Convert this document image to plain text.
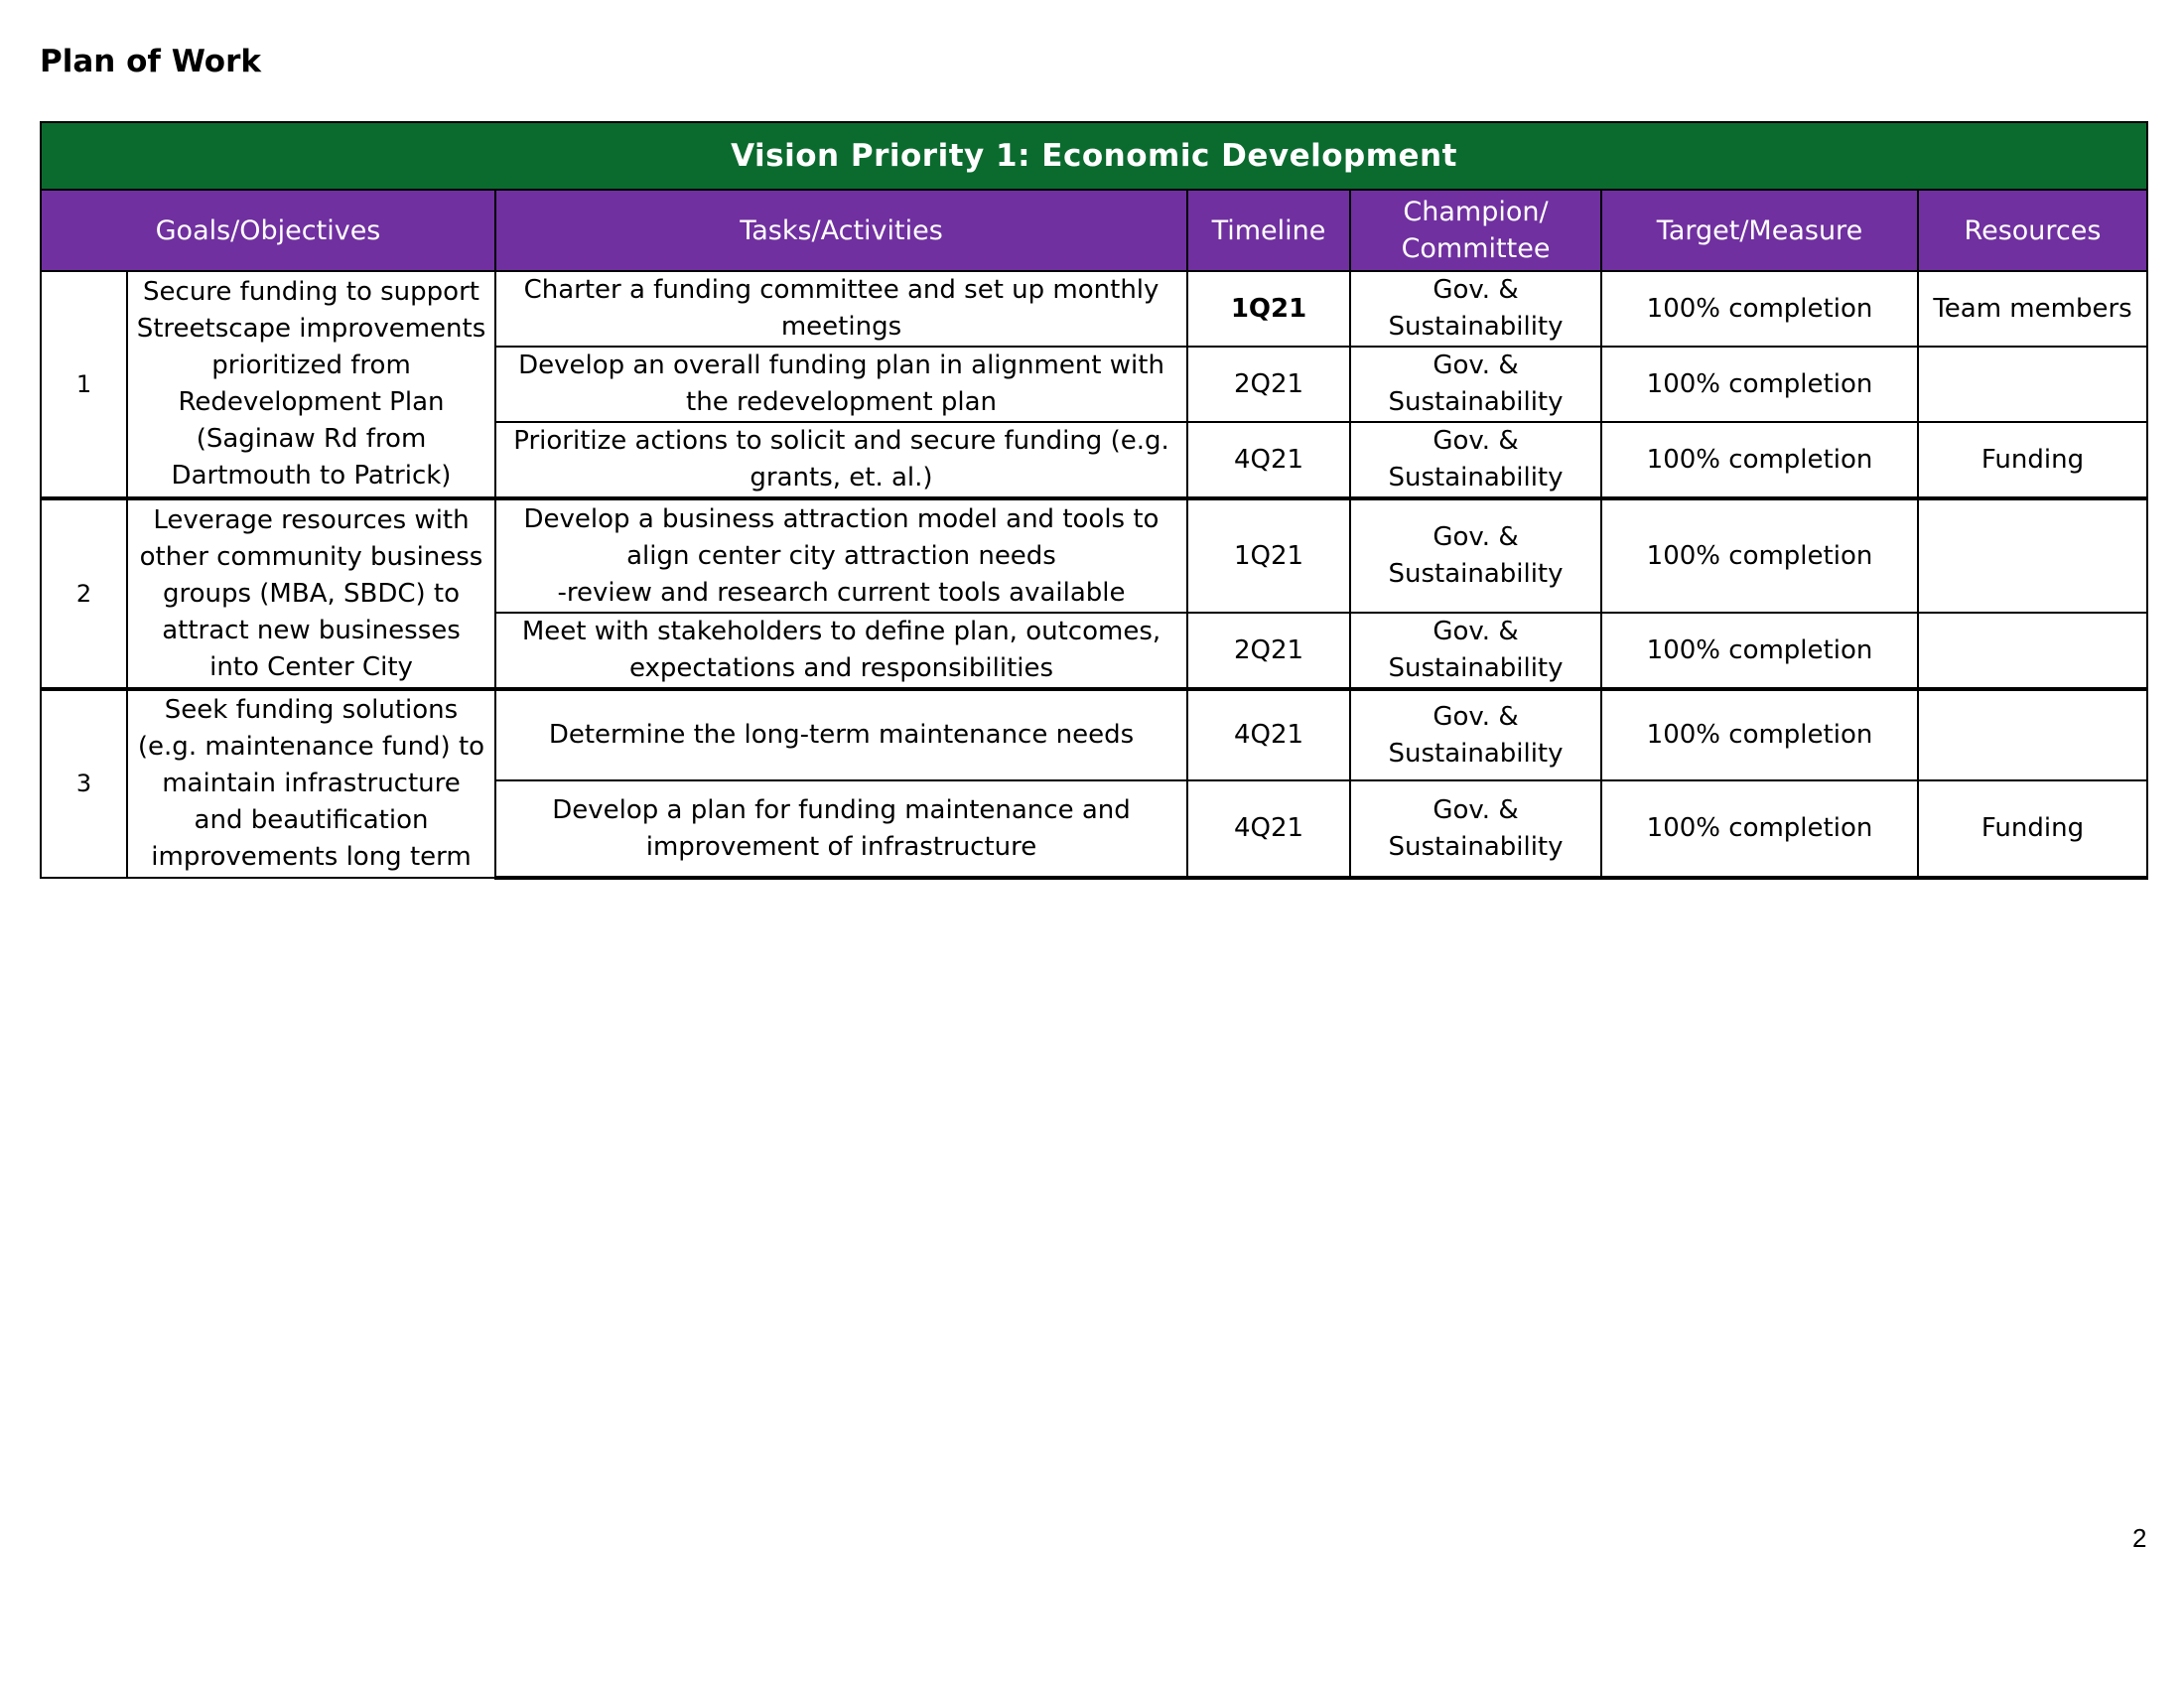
Plan of Work
Vision Priority 1: Economic Development						
Goals/Objectives		Tasks/Activities	Timeline	Champion/
Committee	Target/Measure	Resources
1	Secure funding to support Streetscape improvements prioritized from Redevelopment Plan (Saginaw Rd from Dartmouth to Patrick)	Charter a funding committee and set up monthly meetings	1Q21	Gov. &
Sustainability	100% completion	Team members
		Develop an overall funding plan in alignment with the redevelopment plan	2Q21	Gov. &
Sustainability	100% completion	
		Prioritize actions to solicit and secure funding (e.g. grants, et. al.)	4Q21	Gov. &
Sustainability	100% completion	Funding
2	Leverage resources with other community business groups (MBA, SBDC) to attract new businesses into Center City	Develop a business attraction model and tools to align center city attraction needs
-review and research current tools available	1Q21	Gov. &
Sustainability	100% completion	
		Meet with stakeholders to define plan, outcomes, expectations and responsibilities	2Q21	Gov. &
Sustainability	100% completion	
3	Seek funding solutions (e.g. maintenance fund) to maintain infrastructure and beautification improvements long term	Determine the long-term maintenance needs	4Q21	Gov. &
Sustainability	100% completion	
		Develop a plan for funding maintenance and improvement of infrastructure	4Q21	Gov. &
Sustainability	100% completion	Funding
2
